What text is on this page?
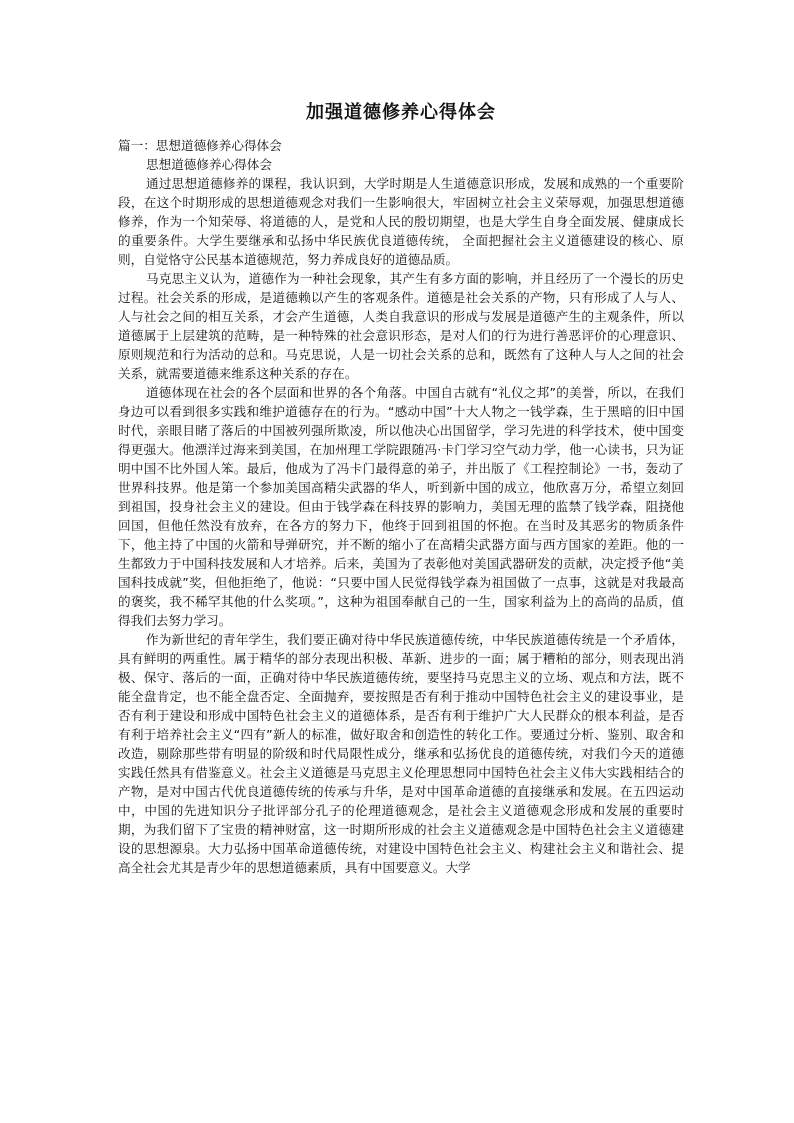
加强道德修养心得体会

篇一：思想道德修养心得体会

思想道德修养心得体会

通过思想道德修养的课程，我认识到，大学时期是人生道德意识形成，发展和成熟的一个重要阶段，在这个时期形成的思想道德观念对我们一生影响很大，牢固树立社会主义荣辱观，加强思想道德修养，作为一个知荣辱、将道德的人，是党和人民的殷切期望，也是大学生自身全面发展、健康成长的重要条件。大学生要继承和弘扬中华民族优良道德传统， 全面把握社会主义道德建设的核心、原则，自觉恪守公民基本道德规范，努力养成良好的道德品质。

马克思主义认为，道德作为一种社会现象，其产生有多方面的影响，并且经历了一个漫长的历史过程。社会关系的形成，是道德赖以产生的客观条件。道德是社会关系的产物，只有形成了人与人、人与社会之间的相互关系，才会产生道德，人类自我意识的形成与发展是道德产生的主观条件，所以道德属于上层建筑的范畴，是一种特殊的社会意识形态，是对人们的行为进行善恶评价的心理意识、原则规范和行为活动的总和。马克思说，人是一切社会关系的总和，既然有了这种人与人之间的社会关系，就需要道德来维系这种关系的存在。

道德体现在社会的各个层面和世界的各个角落。中国自古就有“礼仪之邦”的美誉，所以，在我们身边可以看到很多实践和维护道德存在的行为。“感动中国”十大人物之一钱学森，生于黑暗的旧中国时代，亲眼目睹了落后的中国被列强所欺凌，所以他决心出国留学，学习先进的科学技术，使中国变得更强大。他漂洋过海来到美国，在加州理工学院跟随冯·卡门学习空气动力学，他一心读书，只为证明中国不比外国人笨。最后，他成为了冯卡门最得意的弟子，并出版了《工程控制论》一书，轰动了世界科技界。他是第一个参加美国高精尖武器的华人，听到新中国的成立，他欣喜万分，希望立刻回到祖国，投身社会主义的建设。但由于钱学森在科技界的影响力，美国无理的监禁了钱学森，阻挠他回国，但他任然没有放弃，在各方的努力下，他终于回到祖国的怀抱。在当时及其恶劣的物质条件下，他主持了中国的火箭和导弹研究，并不断的缩小了在高精尖武器方面与西方国家的差距。他的一生都致力于中国科技发展和人才培养。后来，美国为了表彰他对美国武器研发的贡献，决定授予他“美国科技成就”奖，但他拒绝了，他说：“只要中国人民觉得钱学森为祖国做了一点事，这就是对我最高的褒奖，我不稀罕其他的什么奖项。”，这种为祖国奉献自己的一生，国家利益为上的高尚的品质，值得我们去努力学习。

作为新世纪的青年学生，我们要正确对待中华民族道德传统，中华民族道德传统是一个矛盾体，具有鲜明的两重性。属于精华的部分表现出积极、革新、进步的一面；属于糟粕的部分，则表现出消极、保守、落后的一面，正确对待中华民族道德传统，要坚持马克思主义的立场、观点和方法，既不能全盘肯定，也不能全盘否定、全面抛弃，要按照是否有利于推动中国特色社会主义的建设事业，是否有利于建设和形成中国特色社会主义的道德体系，是否有利于维护广大人民群众的根本利益，是否有利于培养社会主义“四有”新人的标准，做好取舍和创造性的转化工作。要通过分析、鉴别、取舍和改造，剔除那些带有明显的阶级和时代局限性成分，继承和弘扬优良的道德传统，对我们今天的道德实践任然具有借鉴意义。社会主义道德是马克思主义伦理思想同中国特色社会主义伟大实践相结合的产物，是对中国古代优良道德传统的传承与升华，是对中国革命道德的直接继承和发展。在五四运动中，中国的先进知识分子批评部分孔子的伦理道德观念，是社会主义道德观念形成和发展的重要时期，为我们留下了宝贵的精神财富，这一时期所形成的社会主义道德观念是中国特色社会主义道德建设的思想源泉。大力弘扬中国革命道德传统，对建设中国特色社会主义、构建社会主义和谐社会、提高全社会尤其是青少年的思想道德素质，具有中国要意义。大学
